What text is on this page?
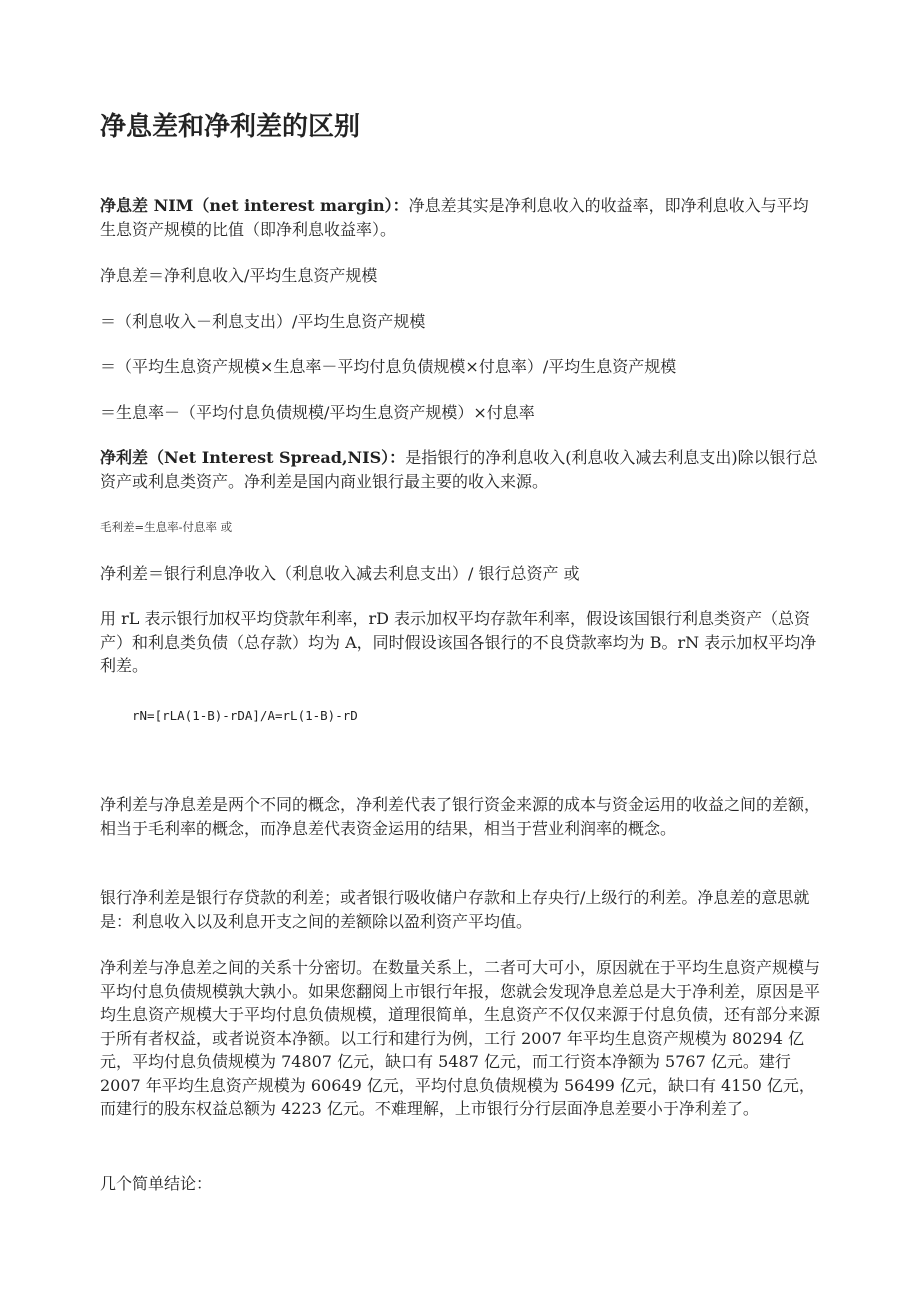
净息差和净利差的区别

净息差 NIM（net interest margin）：净息差其实是净利息收入的收益率，即净利息收入与平均生息资产规模的比值（即净利息收益率）。

净息差＝净利息收入/平均生息资产规模

＝（利息收入－利息支出）/平均生息资产规模

＝（平均生息资产规模×生息率－平均付息负债规模×付息率）/平均生息资产规模

＝生息率－（平均付息负债规模/平均生息资产规模）×付息率

净利差（Net Interest Spread,NIS）：是指银行的净利息收入(利息收入减去利息支出)除以银行总资产或利息类资产。净利差是国内商业银行最主要的收入来源。

毛利差=生息率-付息率 或

净利差＝银行利息净收入（利息收入减去利息支出）/ 银行总资产 或

用 rL 表示银行加权平均贷款年利率，rD 表示加权平均存款年利率，假设该国银行利息类资产（总资产）和利息类负债（总存款）均为 A，同时假设该国各银行的不良贷款率均为 B。rN 表示加权平均净利差。

rN=[rLA(1-B)-rDA]/A=rL(1-B)-rD

净利差与净息差是两个不同的概念，净利差代表了银行资金来源的成本与资金运用的收益之间的差额，相当于毛利率的概念，而净息差代表资金运用的结果，相当于营业利润率的概念。

银行净利差是银行存贷款的利差；或者银行吸收储户存款和上存央行/上级行的利差。净息差的意思就是：利息收入以及利息开支之间的差额除以盈利资产平均值。

净利差与净息差之间的关系十分密切。在数量关系上，二者可大可小，原因就在于平均生息资产规模与平均付息负债规模孰大孰小。如果您翻阅上市银行年报，您就会发现净息差总是大于净利差，原因是平均生息资产规模大于平均付息负债规模，道理很简单，生息资产不仅仅来源于付息负债，还有部分来源于所有者权益，或者说资本净额。以工行和建行为例，工行 2007 年平均生息资产规模为 80294 亿元，平均付息负债规模为 74807 亿元，缺口有 5487 亿元，而工行资本净额为 5767 亿元。建行 2007 年平均生息资产规模为 60649 亿元，平均付息负债规模为 56499 亿元，缺口有 4150 亿元，而建行的股东权益总额为 4223 亿元。不难理解，上市银行分行层面净息差要小于净利差了。

几个简单结论：
